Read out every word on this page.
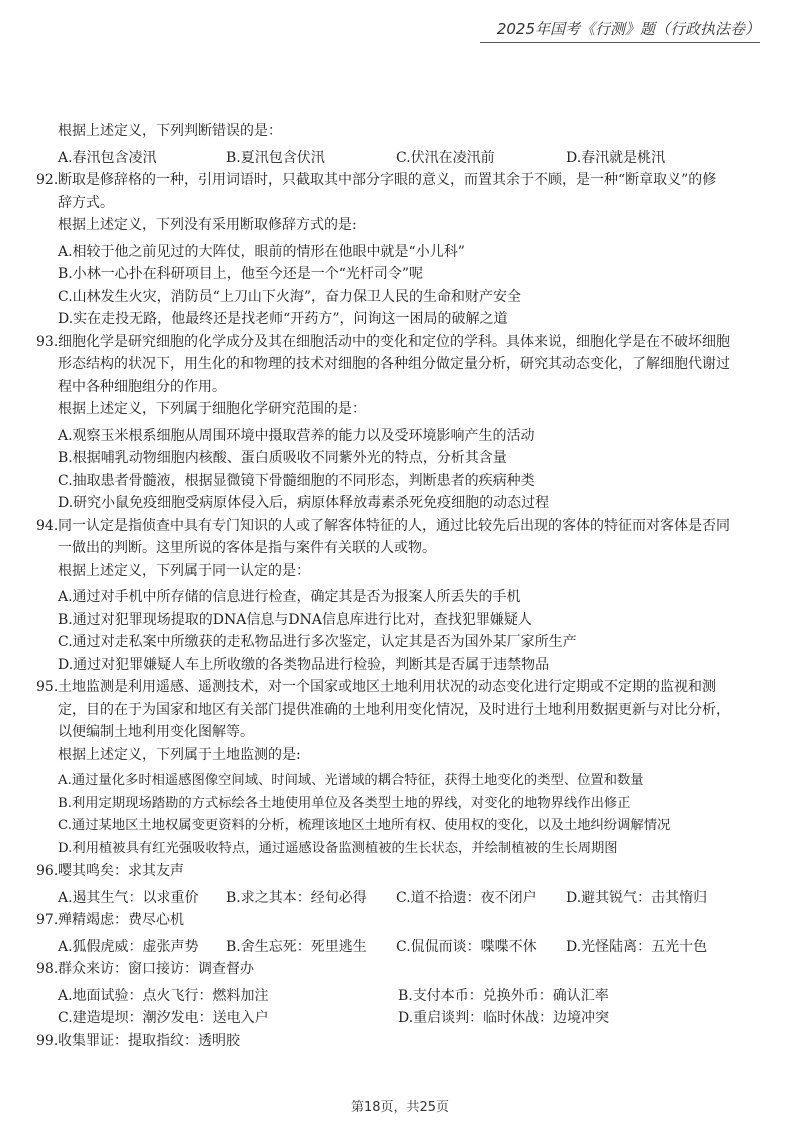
2025年国考《行测》题（行政执法卷）
根据上述定义，下列判断错误的是：
A.春汛包含凌汛	B.夏汛包含伏汛	C.伏汛在凌汛前	D.春汛就是桃汛
92.断取是修辞格的一种，引用词语时，只截取其中部分字眼的意义，而置其余于不顾，是一种“断章取义”的修
辞方式。
根据上述定义，下列没有采用断取修辞方式的是:
A.相较于他之前见过的大阵仗，眼前的情形在他眼中就是“小儿科”
B.小林一心扑在科研项目上，他至今还是一个“光杆司令”呢
C.山林发生火灾，消防员“上刀山下火海”，奋力保卫人民的生命和财产安全
D.实在走投无路，他最终还是找老师“开药方”，问询这一困局的破解之道
93.细胞化学是研究细胞的化学成分及其在细胞活动中的变化和定位的学科。具体来说，细胞化学是在不破坏细胞
形态结构的状况下，用生化的和物理的技术对细胞的各种组分做定量分析，研究其动态变化，了解细胞代谢过
程中各种细胞组分的作用。
根据上述定义，下列属于细胞化学研究范围的是：
A.观察玉米根系细胞从周围环境中摄取营养的能力以及受环境影响产生的活动
B.根据哺乳动物细胞内核酸、蛋白质吸收不同紫外光的特点，分析其含量
C.抽取患者骨髓液，根据显微镜下骨髓细胞的不同形态，判断患者的疾病种类
D.研究小鼠免疫细胞受病原体侵入后，病原体释放毒素杀死免疫细胞的动态过程
94.同一认定是指侦查中具有专门知识的人或了解客体特征的人，通过比较先后出现的客体的特征而对客体是否同
一做出的判断。这里所说的客体是指与案件有关联的人或物。
根据上述定义，下列属于同一认定的是：
A.通过对手机中所存储的信息进行检查，确定其是否为报案人所丢失的手机
B.通过对犯罪现场提取的DNA信息与DNA信息库进行比对，查找犯罪嫌疑人
C.通过对走私案中所缴获的走私物品进行多次鉴定，认定其是否为国外某厂家所生产
D.通过对犯罪嫌疑人车上所收缴的各类物品进行检验，判断其是否属于违禁物品
95.土地监测是利用遥感、遥测技术，对一个国家或地区土地利用状况的动态变化进行定期或不定期的监视和测
定，目的在于为国家和地区有关部门提供准确的土地利用变化情况，及时进行土地利用数据更新与对比分析，
以便编制土地利用变化图解等。
根据上述定义，下列属于土地监测的是:
A.通过量化多时相遥感图像空间域、时间域、光谱域的耦合特征，获得土地变化的类型、位置和数量
B.利用定期现场踏勘的方式标绘各土地使用单位及各类型土地的界线，对变化的地物界线作出修正
C.通过某地区土地权属变更资料的分析，梳理该地区土地所有权、使用权的变化，以及土地纠纷调解情况
D.利用植被具有红光强吸收特点，通过遥感设备监测植被的生长状态，并绘制植被的生长周期图
96.嘤其鸣矣：求其友声
A.遏其生气：以求重价	B.求之其本：经旬必得	C.道不拾遗：夜不闭户	D.避其锐气：击其惰归
97.殚精竭虑：费尽心机
A.狐假虎威：虚张声势	B.舍生忘死：死里逃生	C.侃侃而谈：喋喋不休	D.光怪陆离：五光十色
98.群众来访：窗口接访：调查督办
A.地面试验：点火飞行：燃料加注	B.支付本币：兑换外币：确认汇率
C.建造堤坝：潮汐发电：送电入户	D.重启谈判：临时休战：边境冲突
99.收集罪证：提取指纹：透明胶
第18页，共25页
